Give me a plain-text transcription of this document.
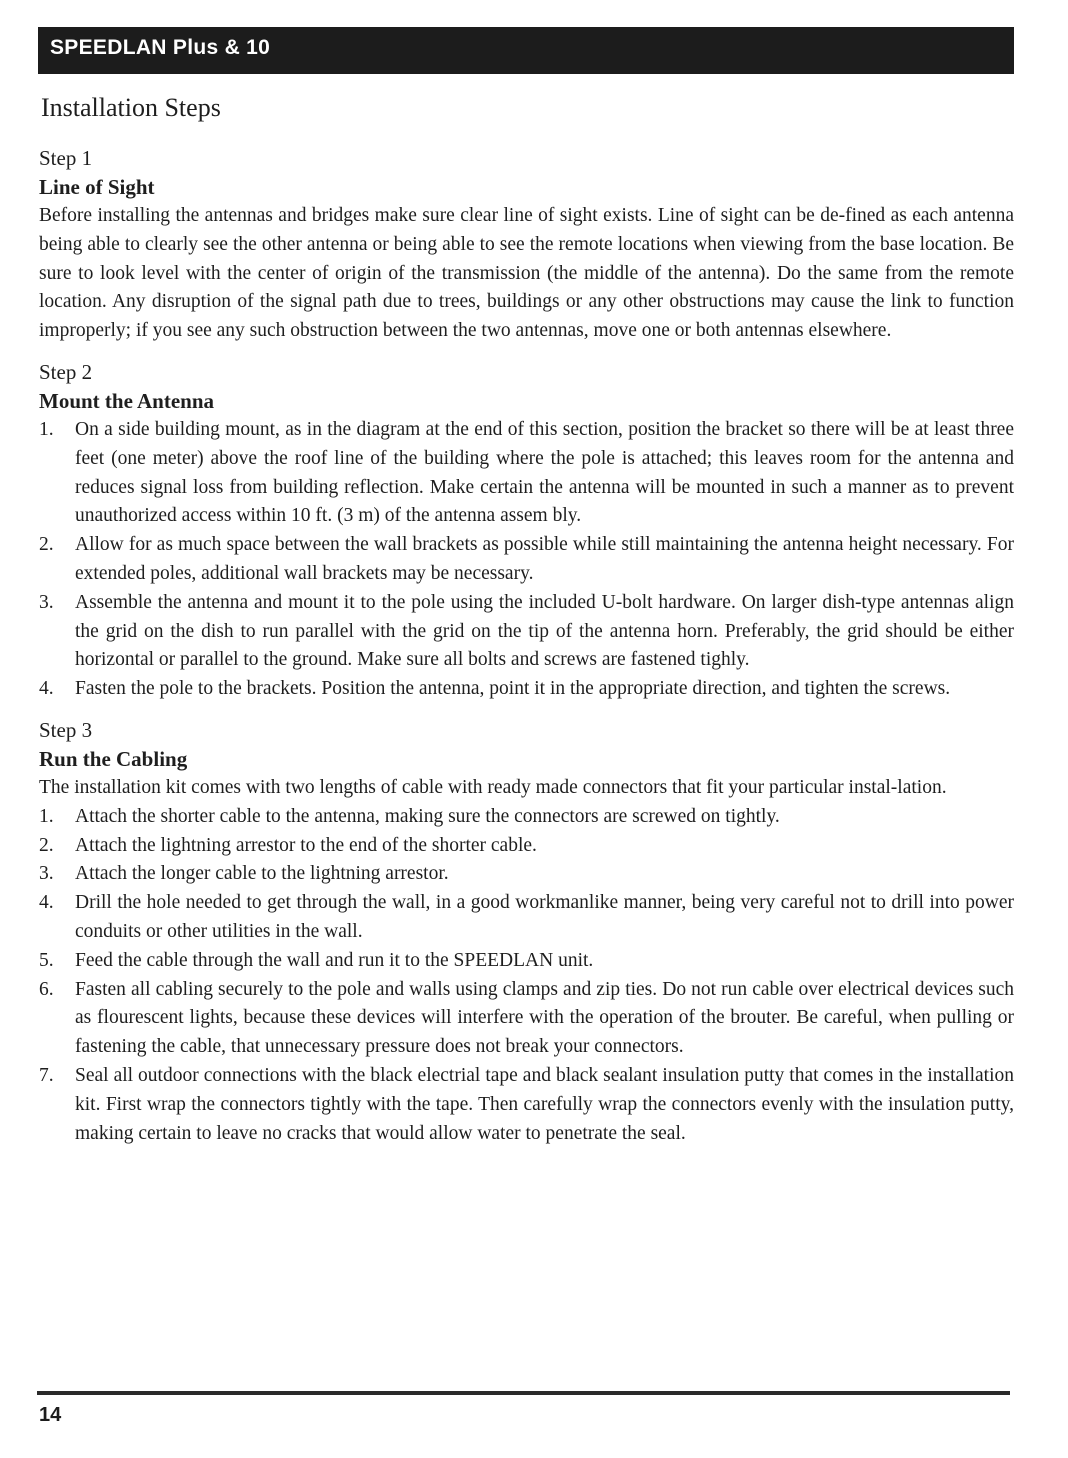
SPEEDLAN Plus & 10
Installation Steps
Step 1
Line of Sight

Before installing the antennas and bridges make sure clear line of sight exists. Line of sight can be de-fined as each antenna being able to clearly see the other antenna or being able to see the remote locations when viewing from the base location. Be sure to look level with the center of origin of the transmission (the middle of the antenna). Do the same from the remote location. Any disruption of the signal path due to trees, buildings or any other obstructions may cause the link to function improperly; if you see any such obstruction between the two antennas, move one or both antennas elsewhere.

Step 2
Mount the Antenna
1. On a side building mount, as in the diagram at the end of this section, position the bracket so there will be at least three feet (one meter) above the roof line of the building where the pole is attached; this leaves room for the antenna and reduces signal loss from building reflection. Make certain the antenna will be mounted in such a manner as to prevent unauthorized access within 10 ft. (3 m) of the antenna assem bly.
2. Allow for as much space between the wall brackets as possible while still maintaining the antenna height necessary. For extended poles, additional wall brackets may be necessary.
3. Assemble the antenna and mount it to the pole using the included U-bolt hardware. On larger dish-type antennas align the grid on the dish to run parallel with the grid on the tip of the antenna horn. Preferably, the grid should be either horizontal or parallel to the ground. Make sure all bolts and screws are fastened tighly.
4. Fasten the pole to the brackets. Position the antenna, point it in the appropriate direction, and tighten the screws.
Step 3
Run the Cabling

The installation kit comes with two lengths of cable with ready made connectors that fit your particular instal-lation.

1. Attach the shorter cable to the antenna, making sure the connectors are screwed on tightly.
2. Attach the lightning arrestor to the end of the shorter cable.
3. Attach the longer cable to the lightning arrestor.
4. Drill the hole needed to get through the wall, in a good workmanlike manner, being very careful not to drill into power conduits or other utilities in the wall.
5. Feed the cable through the wall and run it to the SPEEDLAN unit.
6. Fasten all cabling securely to the pole and walls using clamps and zip ties. Do not run cable over electrical devices such as flourescent lights, because these devices will interfere with the operation of the brouter. Be careful, when pulling or fastening the cable, that unnecessary pressure does not break your connectors.
7. Seal all outdoor connections with the black electrial tape and black sealant insulation putty that comes in the installation kit. First wrap the connectors tightly with the tape. Then carefully wrap the connectors evenly with the insulation putty, making certain to leave no cracks that would allow water to penetrate the seal.
14
